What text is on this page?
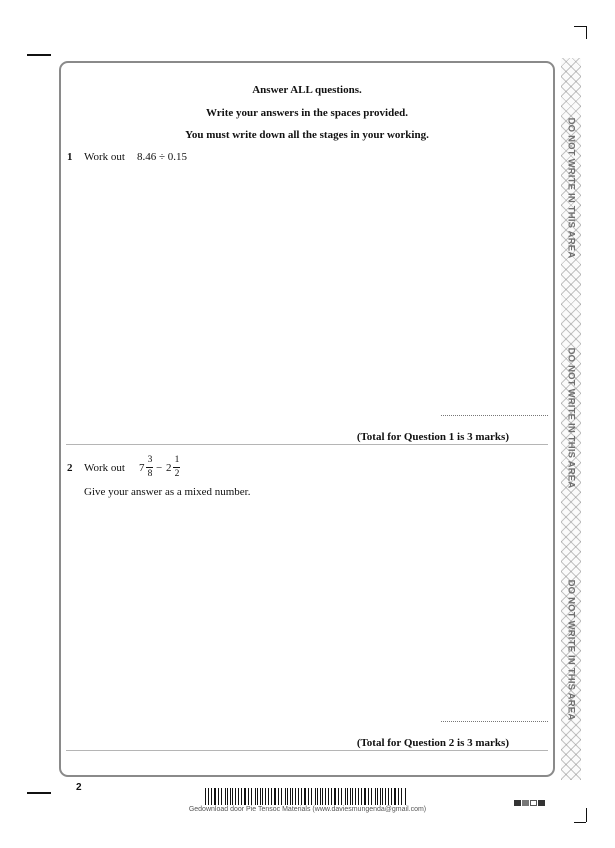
Answer ALL questions.
Write your answers in the spaces provided.
You must write down all the stages in your working.
1 Work out 8.46 ÷ 0.15
(Total for Question 1 is 3 marks)
2 Work out 7
3
8 − 2
1
2
Give your answer as a mixed number.
(Total for Question 2 is 3 marks)
DO NOT WRITE IN THIS AREA
DO NOT WRITE IN THIS AREA
DO NOT WRITE IN THIS AREA
2
Gedownload door Pie Tensoc Materials (www.daviesmungenda@gmail.com)
